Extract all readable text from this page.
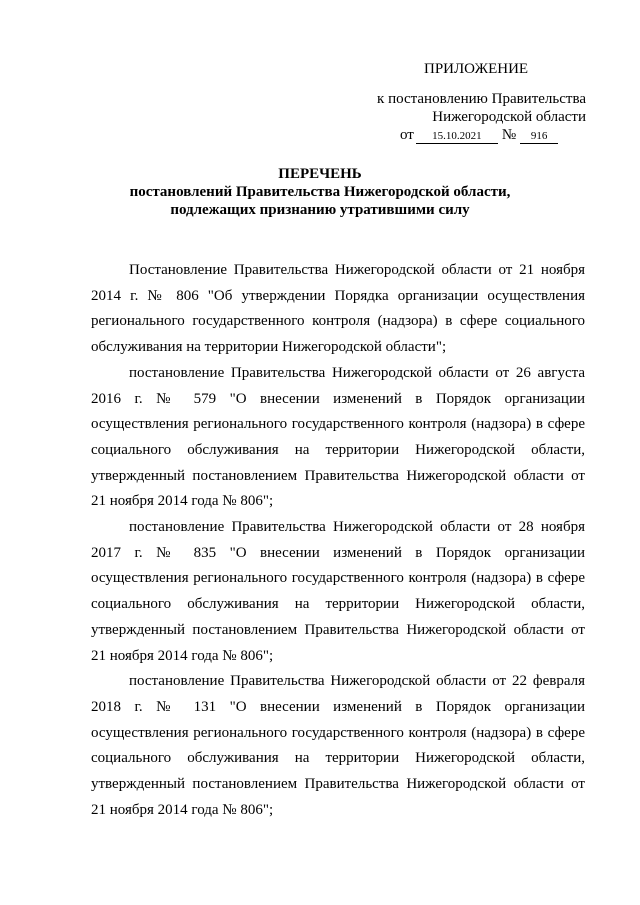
ПРИЛОЖЕНИЕ
к постановлению Правительства
Нижегородской области
от 15.10.2021 № 916
ПЕРЕЧЕНЬ
постановлений Правительства Нижегородской области,
подлежащих признанию утратившими силу

Постановление Правительства Нижегородской области от 21 ноября 2014 г. № 806 "Об утверждении Порядка организации осуществления регионального государственного контроля (надзора) в сфере социального обслуживания на территории Нижегородской области";

постановление Правительства Нижегородской области от 26 августа 2016 г. № 579 "О внесении изменений в Порядок организации осуществления регионального государственного контроля (надзора) в сфере социального обслуживания на территории Нижегородской области, утвержденный постановлением Правительства Нижегородской области от 21 ноября 2014 года № 806";

постановление Правительства Нижегородской области от 28 ноября 2017 г. № 835 "О внесении изменений в Порядок организации осуществления регионального государственного контроля (надзора) в сфере социального обслуживания на территории Нижегородской области, утвержденный постановлением Правительства Нижегородской области от 21 ноября 2014 года № 806";

постановление Правительства Нижегородской области от 22 февраля 2018 г. № 131 "О внесении изменений в Порядок организации осуществления регионального государственного контроля (надзора) в сфере социального обслуживания на территории Нижегородской области, утвержденный постановлением Правительства Нижегородской области от 21 ноября 2014 года № 806";
